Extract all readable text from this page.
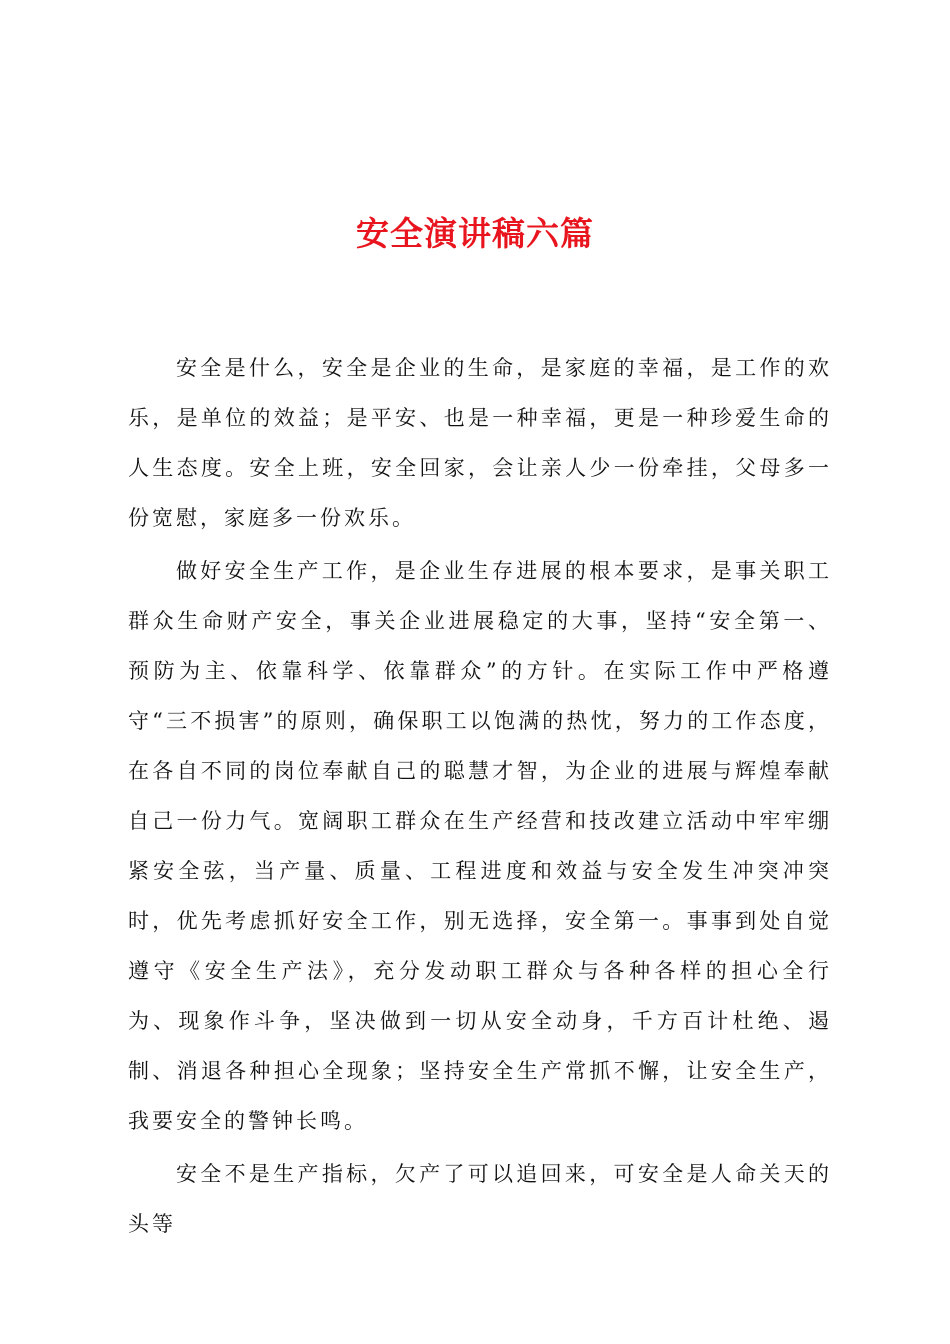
安全演讲稿六篇

安全是什么，安全是企业的生命，是家庭的幸福，是工作的欢乐，是单位的效益；是平安、也是一种幸福，更是一种珍爱生命的人生态度。安全上班，安全回家，会让亲人少一份牵挂，父母多一份宽慰，家庭多一份欢乐。

做好安全生产工作，是企业生存进展的根本要求，是事关职工群众生命财产安全，事关企业进展稳定的大事，坚持“安全第一、预防为主、依靠科学、依靠群众”的方针。在实际工作中严格遵守“三不损害”的原则，确保职工以饱满的热忱，努力的工作态度，在各自不同的岗位奉献自己的聪慧才智，为企业的进展与辉煌奉献自己一份力气。宽阔职工群众在生产经营和技改建立活动中牢牢绷紧安全弦，当产量、质量、工程进度和效益与安全发生冲突冲突时，优先考虑抓好安全工作，别无选择，安全第一。事事到处自觉遵守《安全生产法》，充分发动职工群众与各种各样的担心全行为、现象作斗争，坚决做到一切从安全动身，千方百计杜绝、遏制、消退各种担心全现象；坚持安全生产常抓不懈，让安全生产，我要安全的警钟长鸣。

安全不是生产指标，欠产了可以追回来，可安全是人命关天的头等
